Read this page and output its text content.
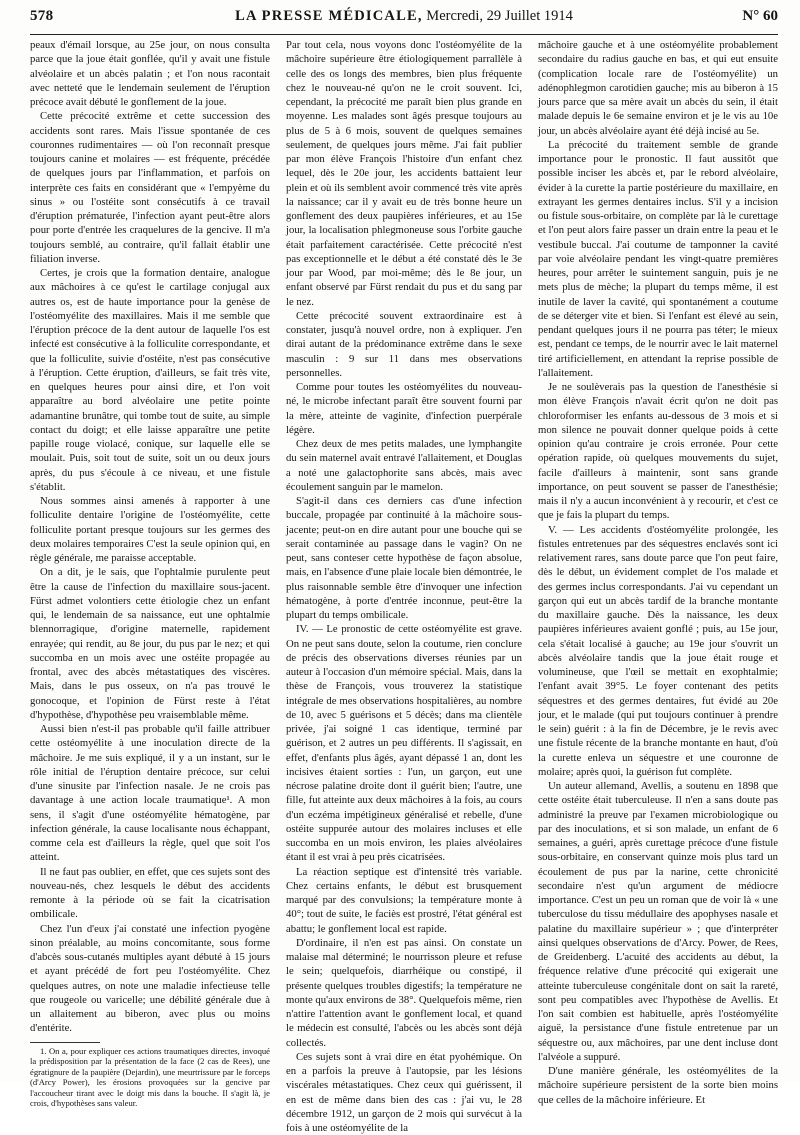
578	LA PRESSE MÉDICALE, Mercredi, 29 Juillet 1914	N° 60

peaux d'émail lorsque, au 25e jour, on nous consulta parce que la joue était gonflée, qu'il y avait une fistule alvéolaire et un abcès palatin ; et l'on nous racontait avec netteté que le lendemain seulement de l'éruption précoce avait débuté le gonflement de la joue.

Cette précocité extrême et cette succession des accidents sont rares. Mais l'issue spontanée de ces couronnes rudimentaires — où l'on reconnaît presque toujours canine et molaires — est fréquente, précédée de quelques jours par l'inflammation, et parfois on interprète ces faits en considérant que « l'empyème du sinus » ou l'ostéite sont consécutifs à ce travail d'éruption prématurée, l'infection ayant peut-être alors pour porte d'entrée les craquelures de la gencive. Il m'a toujours semblé, au contraire, qu'il fallait établir une filiation inverse.

Certes, je crois que la formation dentaire, analogue aux mâchoires à ce qu'est le cartilage conjugal aux autres os, est de haute importance pour la genèse de l'ostéomyélite des maxillaires. Mais il me semble que l'éruption précoce de la dent autour de laquelle l'os est infecté est consécutive à la folliculite correspondante, et que la folliculite, suivie d'ostéite, n'est pas consécutive à l'éruption. Cette éruption, d'ailleurs, se fait très vite, en quelques heures pour ainsi dire, et l'on voit apparaître au bord alvéolaire une petite pointe adamantine brunâtre, qui tombe tout de suite, au simple contact du doigt; et elle laisse apparaître une petite papille rouge violacé, conique, sur laquelle elle se moulait. Puis, soit tout de suite, soit un ou deux jours après, du pus s'écoule à ce niveau, et une fistule s'établit.

Nous sommes ainsi amenés à rapporter à une folliculite dentaire l'origine de l'ostéomyélite, cette folliculite portant presque toujours sur les germes des deux molaires temporaires C'est la seule opinion qui, en règle générale, me paraisse acceptable.

On a dit, je le sais, que l'ophtalmie purulente peut être la cause de l'infection du maxillaire sous-jacent. Fürst admet volontiers cette étiologie chez un enfant qui, le lendemain de sa naissance, eut une ophtalmie blennorragique, d'origine maternelle, rapidement enrayée; qui rendit, au 8e jour, du pus par le nez; et qui succomba en un mois avec une ostéite propagée au frontal, avec des abcès métastatiques des viscères. Mais, dans le pus osseux, on n'a pas trouvé le gonocoque, et l'opinion de Fürst reste à l'état d'hypothèse, d'hypothèse peu vraisemblable même.

Aussi bien n'est-il pas probable qu'il faille attribuer cette ostéomyélite à une inoculation directe de la mâchoire. Je me suis expliqué, il y a un instant, sur le rôle initial de l'éruption dentaire précoce, sur celui d'une sinusite par l'infection nasale. Je ne crois pas davantage à une action locale traumatique¹. A mon sens, il s'agit d'une ostéomyélite hématogène, par infection générale, la cause localisante nous échappant, comme cela est d'ailleurs la règle, quel que soit l'os atteint.

Il ne faut pas oublier, en effet, que ces sujets sont des nouveau-nés, chez lesquels le début des accidents remonte à la période où se fait la cicatrisation ombilicale.

Chez l'un d'eux j'ai constaté une infection pyogène sinon préalable, au moins concomitante, sous forme d'abcès sous-cutanés multiples ayant débuté à 15 jours et ayant précédé de fort peu l'ostéomyélite. Chez quelques autres, on note une maladie infectieuse telle que rougeole ou varicelle; une débilité générale due à un allaitement au biberon, avec plus ou moins d'entérite.

1. On a, pour expliquer ces actions traumatiques directes, invoqué la prédisposition par la présentation de la face (2 cas de Rees), une égratignure de la paupière (Dejardin), une meurtrissure par le forceps (d'Arcy Power), les érosions provoquées sur la gencive par l'accoucheur tirant avec le doigt mis dans la bouche. Il s'agit là, je crois, d'hypothèses sans valeur.

Par tout cela, nous voyons donc l'ostéomyélite de la mâchoire supérieure être étiologiquement parrallèle à celle des os longs des membres, bien plus fréquente chez le nouveau-né qu'on ne le croit souvent. Ici, cependant, la précocité me paraît bien plus grande en moyenne. Les malades sont âgés presque toujours au plus de 5 à 6 mois, souvent de quelques semaines seulement, de quelques jours même. J'ai fait publier par mon élève François l'histoire d'un enfant chez lequel, dès le 20e jour, les accidents battaient leur plein et où ils semblent avoir commencé très vite après la naissance; car il y avait eu de très bonne heure un gonflement des deux paupières inférieures, et au 15e jour, la localisation phlegmoneuse sous l'orbite gauche était parfaitement caractérisée. Cette précocité n'est pas exceptionnelle et le début a été constaté dès le 3e jour par Wood, par moi-même; dès le 8e jour, un enfant observé par Fürst rendait du pus et du sang par le nez.

Cette précocité souvent extraordinaire est à constater, jusqu'à nouvel ordre, non à expliquer. J'en dirai autant de la prédominance extrême dans le sexe masculin : 9 sur 11 dans mes observations personnelles.

Comme pour toutes les ostéomyélites du nouveau-né, le microbe infectant paraît être souvent fourni par la mère, atteinte de vaginite, d'infection puerpérale légère.

Chez deux de mes petits malades, une lymphangite du sein maternel avait entravé l'allaitement, et Douglas a noté une galactophorite sans abcès, mais avec écoulement sanguin par le mamelon.

S'agit-il dans ces derniers cas d'une infection buccale, propagée par continuité à la mâchoire sous-jacente; peut-on en dire autant pour une bouche qui se serait contaminée au passage dans le vagin? On ne peut, sans conteser cette hypothèse de façon absolue, mais, en l'absence d'une plaie locale bien démontrée, le plus raisonnable semble être d'invoquer une infection hématogène, à porte d'entrée inconnue, peut-être la plupart du temps ombilicale.

IV. — Le pronostic de cette ostéomyélite est grave. On ne peut sans doute, selon la coutume, rien conclure de précis des observations diverses réunies par un auteur à l'occasion d'un mémoire spécial. Mais, dans la thèse de François, vous trouverez la statistique intégrale de mes observations hospitalières, au nombre de 10, avec 5 guérisons et 5 décès; dans ma clientèle privée, j'ai soigné 1 cas identique, terminé par guérison, et 2 autres un peu différents. Il s'agissait, en effet, d'enfants plus âgés, ayant dépassé 1 an, dont les incisives étaient sorties : l'un, un garçon, eut une nécrose palatine droite dont il guérit bien; l'autre, une fille, fut atteinte aux deux mâchoires à la fois, au cours d'un eczéma impétigineux généralisé et rebelle, d'une ostéite suppurée autour des molaires incluses et elle succomba en un mois environ, les plaies alvéolaires étant il est vrai à peu près cicatrisées.

La réaction septique est d'intensité très variable. Chez certains enfants, le début est brusquement marqué par des convulsions; la température monte à 40°; tout de suite, le faciès est prostré, l'état général est abattu; le gonflement local est rapide.

D'ordinaire, il n'en est pas ainsi. On constate un malaise mal déterminé; le nourrisson pleure et refuse le sein; quelquefois, diarrhéique ou constipé, il présente quelques troubles digestifs; la température ne monte qu'aux environs de 38°. Quelquefois même, rien n'attire l'attention avant le gonflement local, et quand le médecin est consulté, l'abcès ou les abcès sont déjà collectés.

Ces sujets sont à vrai dire en état pyohémique. On en a parfois la preuve à l'autopsie, par les lésions viscérales métastatiques. Chez ceux qui guérissent, il en est de même dans bien des cas : j'ai vu, le 28 décembre 1912, un garçon de 2 mois qui survécut à la fois à une ostéomyélite de la

mâchoire gauche et à une ostéomyélite probablement secondaire du radius gauche en bas, et qui eut ensuite (complication locale rare de l'ostéomyélite) un adénophlegmon carotidien gauche; mis au biberon à 15 jours parce que sa mère avait un abcès du sein, il était malade depuis le 6e semaine environ et je le vis au 10e jour, un abcès alvéolaire ayant été déjà incisé au 5e.

La précocité du traitement semble de grande importance pour le pronostic. Il faut aussitôt que possible inciser les abcès et, par le rebord alvéolaire, évider à la curette la partie postérieure du maxillaire, en extrayant les germes dentaires inclus. S'il y a incision ou fistule sous-orbitaire, on complète par là le curettage et l'on peut alors faire passer un drain entre la peau et le vestibule buccal. J'ai coutume de tamponner la cavité par voie alvéolaire pendant les vingt-quatre premières heures, pour arrêter le suintement sanguin, puis je ne mets plus de mèche; la plupart du temps même, il est inutile de laver la cavité, qui spontanément a coutume de se déterger vite et bien. Si l'enfant est élevé au sein, pendant quelques jours il ne pourra pas téter; le mieux est, pendant ce temps, de le nourrir avec le lait maternel tiré artificiellement, en attendant la reprise possible de l'allaitement.

Je ne soulèverais pas la question de l'anesthésie si mon élève François n'avait écrit qu'on ne doit pas chloroformiser les enfants au-dessous de 3 mois et si mon silence ne pouvait donner quelque poids à cette opinion qu'au contraire je crois erronée. Pour cette opération rapide, où quelques mouvements du sujet, facile d'ailleurs à maintenir, sont sans grande importance, on peut souvent se passer de l'anesthésie; mais il n'y a aucun inconvénient à y recourir, et c'est ce que je fais la plupart du temps.

V. — Les accidents d'ostéomyélite prolongée, les fistules entretenues par des séquestres enclavés sont ici relativement rares, sans doute parce que l'on peut faire, dès le début, un évidement complet de l'os malade et des germes inclus correspondants. J'ai vu cependant un garçon qui eut un abcès tardif de la branche montante du maxillaire gauche. Dès la naissance, les deux paupières inférieures avaient gonflé ; puis, au 15e jour, cela s'était localisé à gauche; au 19e jour s'ouvrit un abcès alvéolaire tandis que la joue était rouge et volumineuse, que l'œil se mettait en exophtalmie; l'enfant avait 39°5. Le foyer contenant des petits séquestres et des germes dentaires, fut évidé au 20e jour, et le malade (qui put toujours continuer à prendre le sein) guérit : à la fin de Décembre, je le revis avec une fistule récente de la branche montante en haut, d'où la curette enleva un séquestre et une couronne de molaire; après quoi, la guérison fut complète.

Un auteur allemand, Avellis, a soutenu en 1898 que cette ostéite était tuberculeuse. Il n'en a sans doute pas administré la preuve par l'examen microbiologique ou par des inoculations, et si son malade, un enfant de 6 semaines, a guéri, après curettage précoce d'une fistule sous-orbitaire, en conservant quinze mois plus tard un écoulement de pus par la narine, cette chronicité secondaire n'est qu'un argument de médiocre importance. C'est un peu un roman que de voir là « une tuberculose du tissu médullaire des apophyses nasale et palatine du maxillaire supérieur » ; que d'interpréter ainsi quelques observations de d'Arcy. Power, de Rees, de Greidenberg. L'acuité des accidents au début, la fréquence relative d'une précocité qui exigerait une atteinte tuberculeuse congénitale dont on sait la rareté, sont peu compatibles avec l'hypothèse de Avellis. Et l'on sait combien est habituelle, après l'ostéomyélite aiguë, la persistance d'une fistule entretenue par un séquestre ou, aux mâchoires, par une dent incluse dont l'alvéole a suppuré.

D'une manière générale, les ostéomyélites de la mâchoire supérieure persistent de la sorte bien moins que celles de la mâchoire inférieure. Et
